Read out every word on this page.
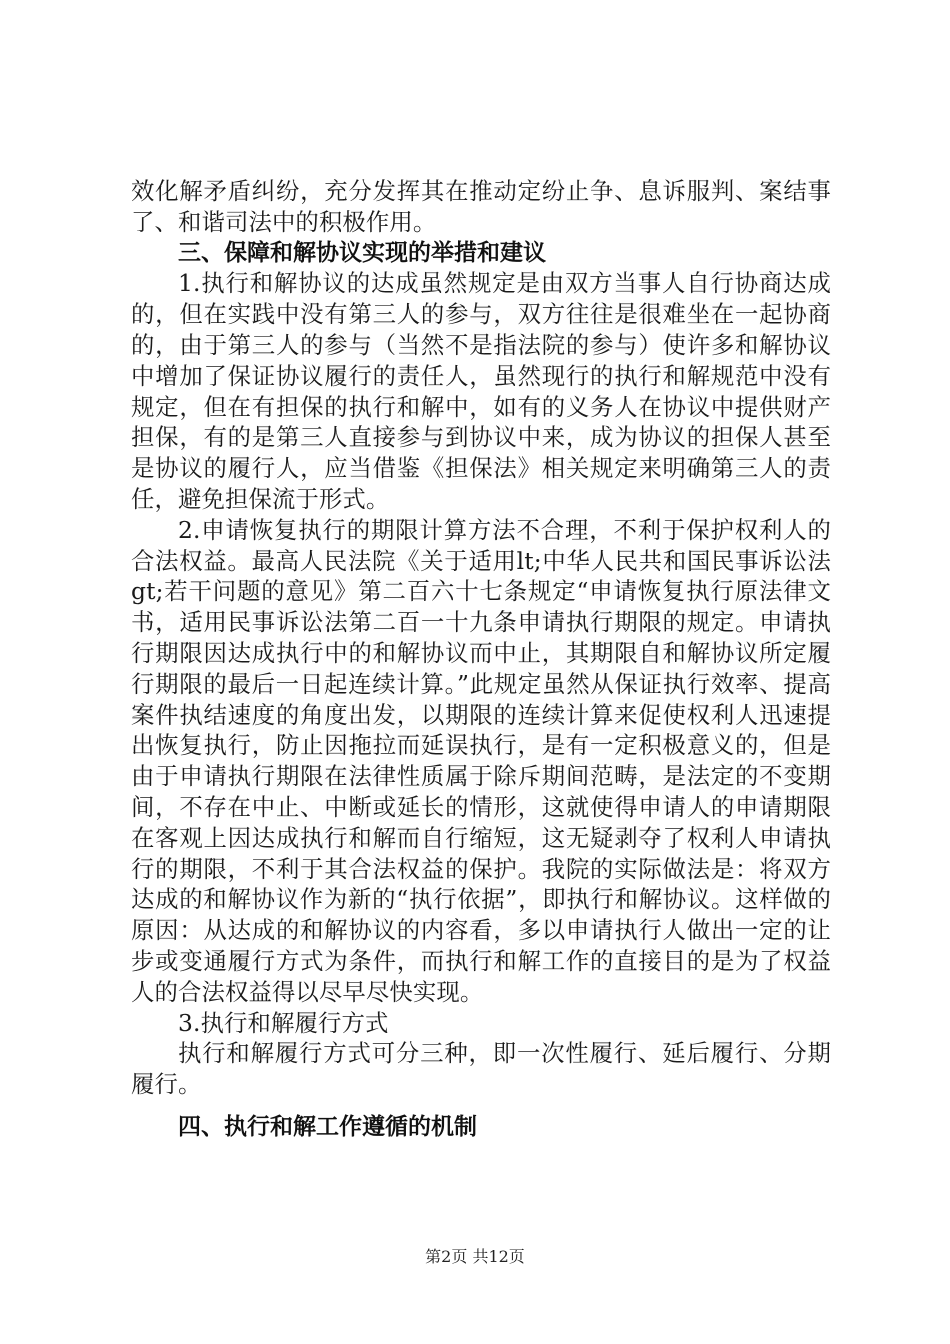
效化解矛盾纠纷，充分发挥其在推动定纷止争、息诉服判、案结事了、和谐司法中的积极作用。

三、保障和解协议实现的举措和建议

1.执行和解协议的达成虽然规定是由双方当事人自行协商达成的，但在实践中没有第三人的参与，双方往往是很难坐在一起协商的，由于第三人的参与（当然不是指法院的参与）使许多和解协议中增加了保证协议履行的责任人，虽然现行的执行和解规范中没有规定，但在有担保的执行和解中，如有的义务人在协议中提供财产担保，有的是第三人直接参与到协议中来，成为协议的担保人甚至是协议的履行人，应当借鉴《担保法》相关规定来明确第三人的责任，避免担保流于形式。

2.申请恢复执行的期限计算方法不合理，不利于保护权利人的合法权益。最高人民法院《关于适用lt;中华人民共和国民事诉讼法gt;若干问题的意见》第二百六十七条规定“申请恢复执行原法律文书，适用民事诉讼法第二百一十九条申请执行期限的规定。申请执行期限因达成执行中的和解协议而中止，其期限自和解协议所定履行期限的最后一日起连续计算。”此规定虽然从保证执行效率、提高案件执结速度的角度出发，以期限的连续计算来促使权利人迅速提出恢复执行，防止因拖拉而延误执行，是有一定积极意义的，但是由于申请执行期限在法律性质属于除斥期间范畴，是法定的不变期间，不存在中止、中断或延长的情形，这就使得申请人的申请期限在客观上因达成执行和解而自行缩短，这无疑剥夺了权利人申请执行的期限，不利于其合法权益的保护。我院的实际做法是：将双方达成的和解协议作为新的“执行依据”，即执行和解协议。这样做的原因：从达成的和解协议的内容看，多以申请执行人做出一定的让步或变通履行方式为条件，而执行和解工作的直接目的是为了权益人的合法权益得以尽早尽快实现。

3.执行和解履行方式

执行和解履行方式可分三种，即一次性履行、延后履行、分期履行。

四、执行和解工作遵循的机制
第2页 共12页
